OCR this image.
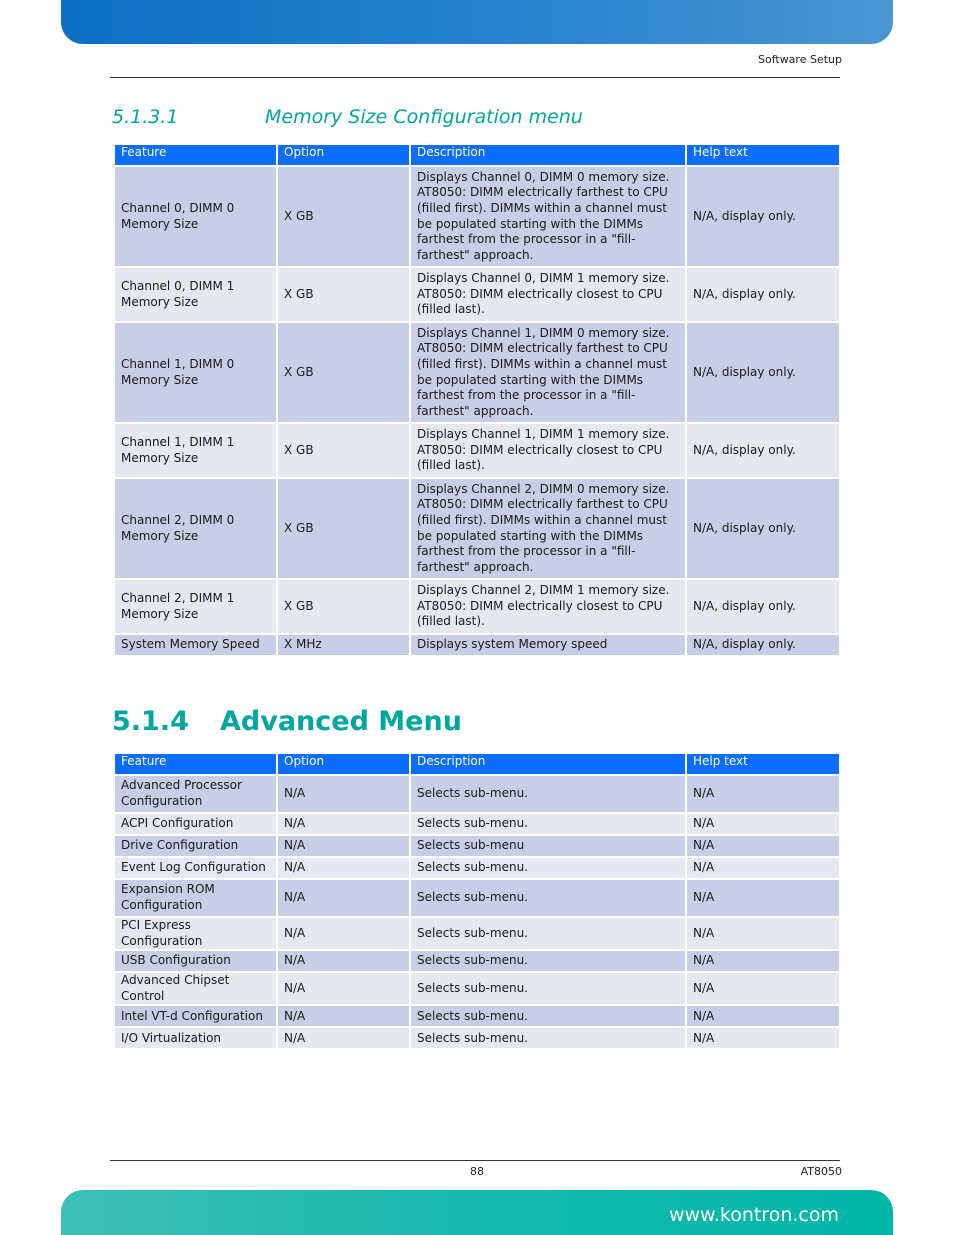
Software Setup
5.1.3.1	Memory Size Configuration menu
Feature	Option	Description	Help text
Channel 0, DIMM 0 Memory Size	X GB	Displays Channel 0, DIMM 0 memory size. AT8050: DIMM electrically farthest to CPU (filled first). DIMMs within a channel must be populated starting with the DIMMs farthest from the processor in a "fill-farthest" approach.	N/A, display only.
Channel 0, DIMM 1 Memory Size	X GB	Displays Channel 0, DIMM 1 memory size. AT8050: DIMM electrically closest to CPU (filled last).	N/A, display only.
Channel 1, DIMM 0 Memory Size	X GB	Displays Channel 1, DIMM 0 memory size. AT8050: DIMM electrically farthest to CPU (filled first). DIMMs within a channel must be populated starting with the DIMMs farthest from the processor in a "fill-farthest" approach.	N/A, display only.
Channel 1, DIMM 1 Memory Size	X GB	Displays Channel 1, DIMM 1 memory size. AT8050: DIMM electrically closest to CPU (filled last).	N/A, display only.
Channel 2, DIMM 0 Memory Size	X GB	Displays Channel 2, DIMM 0 memory size. AT8050: DIMM electrically farthest to CPU (filled first). DIMMs within a channel must be populated starting with the DIMMs farthest from the processor in a "fill-farthest" approach.	N/A, display only.
Channel 2, DIMM 1 Memory Size	X GB	Displays Channel 2, DIMM 1 memory size. AT8050: DIMM electrically closest to CPU (filled last).	N/A, display only.
System Memory Speed	X MHz	Displays system Memory speed	N/A, display only.
5.1.4 Advanced Menu
Feature	Option	Description	Help text
Advanced Processor Configuration	N/A	Selects sub-menu.	N/A
ACPI Configuration	N/A	Selects sub-menu.	N/A
Drive Configuration	N/A	Selects sub-menu	N/A
Event Log Configuration	N/A	Selects sub-menu.	N/A
Expansion ROM Configuration	N/A	Selects sub-menu.	N/A
PCI Express Configuration	N/A	Selects sub-menu.	N/A
USB Configuration	N/A	Selects sub-menu.	N/A
Advanced Chipset Control	N/A	Selects sub-menu.	N/A
Intel VT-d Configuration	N/A	Selects sub-menu.	N/A
I/O Virtualization	N/A	Selects sub-menu.	N/A
88	AT8050
www.kontron.com
